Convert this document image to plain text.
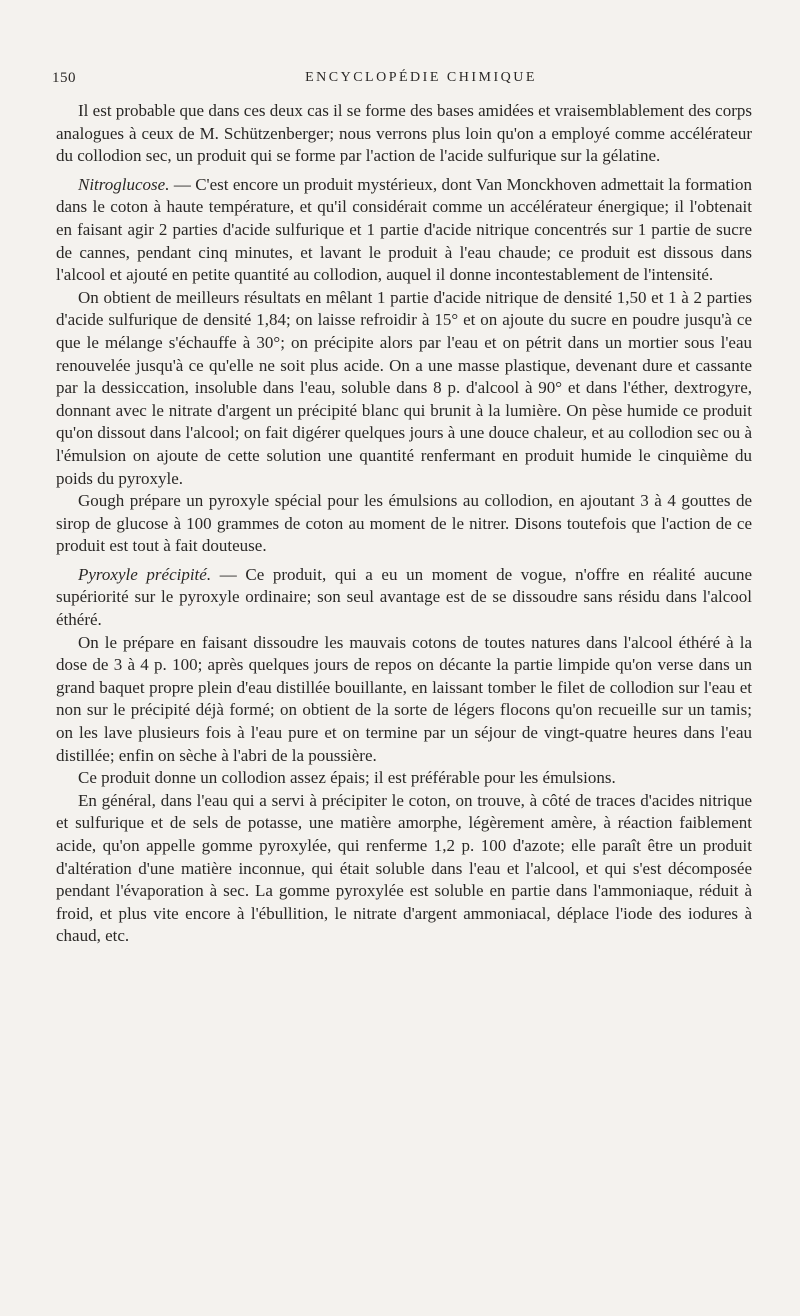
150	ENCYCLOPÉDIE CHIMIQUE

Il est probable que dans ces deux cas il se forme des bases amidées et vraisemblablement des corps analogues à ceux de M. Schützenberger; nous verrons plus loin qu'on a employé comme accélérateur du collodion sec, un produit qui se forme par l'action de l'acide sulfurique sur la gélatine.

Nitroglucose. — C'est encore un produit mystérieux, dont Van Monckhoven admettait la formation dans le coton à haute température, et qu'il considérait comme un accélérateur énergique; il l'obtenait en faisant agir 2 parties d'acide sulfurique et 1 partie d'acide nitrique concentrés sur 1 partie de sucre de cannes, pendant cinq minutes, et lavant le produit à l'eau chaude; ce produit est dissous dans l'alcool et ajouté en petite quantité au collodion, auquel il donne incontestablement de l'intensité.

On obtient de meilleurs résultats en mêlant 1 partie d'acide nitrique de densité 1,50 et 1 à 2 parties d'acide sulfurique de densité 1,84; on laisse refroidir à 15° et on ajoute du sucre en poudre jusqu'à ce que le mélange s'échauffe à 30°; on précipite alors par l'eau et on pétrit dans un mortier sous l'eau renouvelée jusqu'à ce qu'elle ne soit plus acide. On a une masse plastique, devenant dure et cassante par la dessiccation, insoluble dans l'eau, soluble dans 8 p. d'alcool à 90° et dans l'éther, dextrogyre, donnant avec le nitrate d'argent un précipité blanc qui brunit à la lumière. On pèse humide ce produit qu'on dissout dans l'alcool; on fait digérer quelques jours à une douce chaleur, et au collodion sec ou à l'émulsion on ajoute de cette solution une quantité renfermant en produit humide le cinquième du poids du pyroxyle.

Gough prépare un pyroxyle spécial pour les émulsions au collodion, en ajoutant 3 à 4 gouttes de sirop de glucose à 100 grammes de coton au moment de le nitrer. Disons toutefois que l'action de ce produit est tout à fait douteuse.

Pyroxyle précipité. — Ce produit, qui a eu un moment de vogue, n'offre en réalité aucune supériorité sur le pyroxyle ordinaire; son seul avantage est de se dissoudre sans résidu dans l'alcool éthéré.

On le prépare en faisant dissoudre les mauvais cotons de toutes natures dans l'alcool éthéré à la dose de 3 à 4 p. 100; après quelques jours de repos on décante la partie limpide qu'on verse dans un grand baquet propre plein d'eau distillée bouillante, en laissant tomber le filet de collodion sur l'eau et non sur le précipité déjà formé; on obtient de la sorte de légers flocons qu'on recueille sur un tamis; on les lave plusieurs fois à l'eau pure et on termine par un séjour de vingt-quatre heures dans l'eau distillée; enfin on sèche à l'abri de la poussière.

Ce produit donne un collodion assez épais; il est préférable pour les émulsions.

En général, dans l'eau qui a servi à précipiter le coton, on trouve, à côté de traces d'acides nitrique et sulfurique et de sels de potasse, une matière amorphe, légèrement amère, à réaction faiblement acide, qu'on appelle gomme pyroxylée, qui renferme 1,2 p. 100 d'azote; elle paraît être un produit d'altération d'une matière inconnue, qui était soluble dans l'eau et l'alcool, et qui s'est décomposée pendant l'évaporation à sec. La gomme pyroxylée est soluble en partie dans l'ammoniaque, réduit à froid, et plus vite encore à l'ébullition, le nitrate d'argent ammoniacal, déplace l'iode des iodures à chaud, etc.
